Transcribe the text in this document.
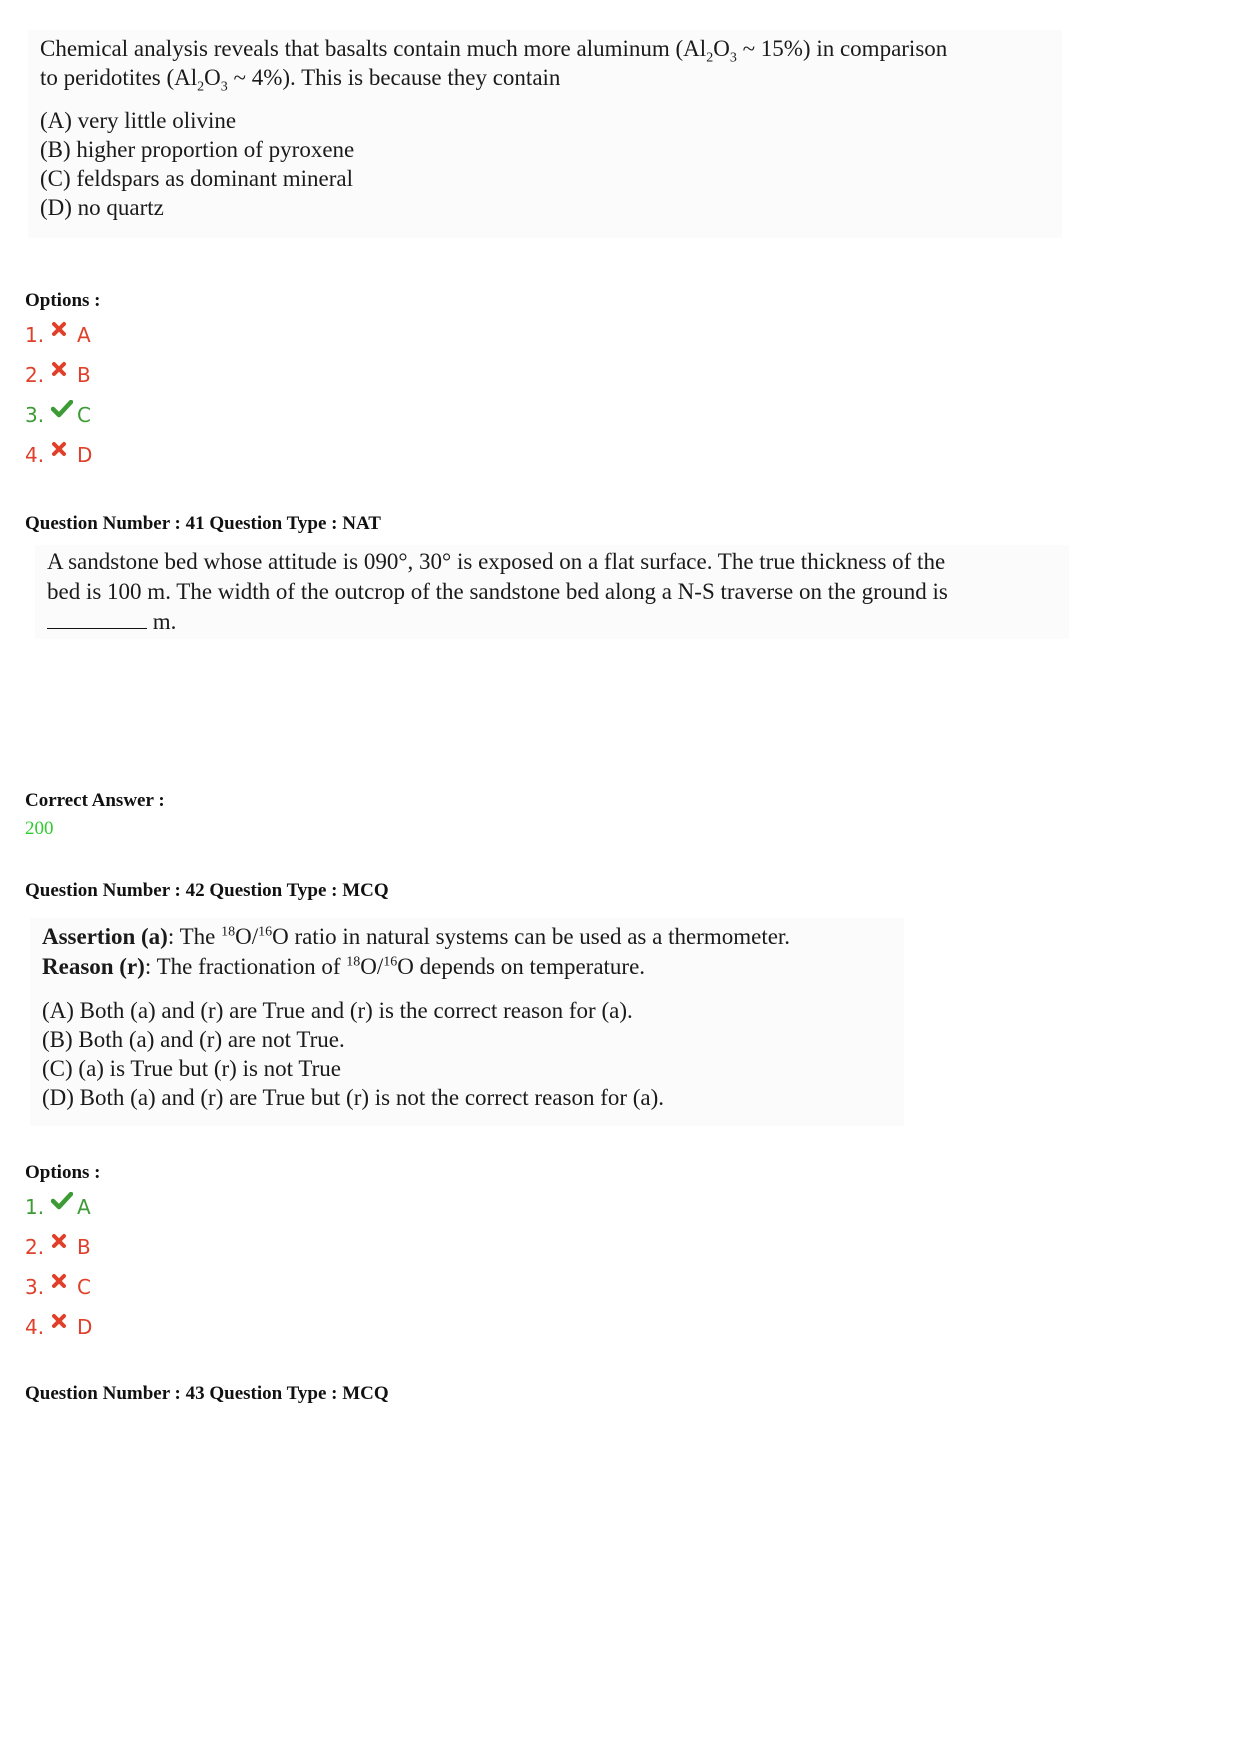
Chemical analysis reveals that basalts contain much more aluminum ($Al_2O_3$ ~ 15%) in comparison

to peridotites ($Al_2O_3$ ~ 4%). This is because they contain

(A) very little olivine

(B) higher proportion of pyroxene

(C) feldspars as dominant mineral

(D) no quartz

Options :
1.	A
2.	B
3.	C
4.	D
Question Number : 41 Question Type : NAT

A sandstone bed whose attitude is 090°, 30° is exposed on a flat surface. The true thickness of the

bed is 100 m. The width of the outcrop of the sandstone bed along a N-S traverse on the ground is

m.

Correct Answer :
200
Question Number : 42 Question Type : MCQ

Assertion (a): The $^{18}$O/$^{16}$O ratio in natural systems can be used as a thermometer.

Reason (r): The fractionation of $^{18}$O/$^{16}$O depends on temperature.

(A) Both (a) and (r) are True and (r) is the correct reason for (a).

(B) Both (a) and (r) are not True.

(C) (a) is True but (r) is not True

(D) Both (a) and (r) are True but (r) is not the correct reason for (a).

Options :
1.	A
2.	B
3.	C
4.	D
Question Number : 43 Question Type : MCQ
